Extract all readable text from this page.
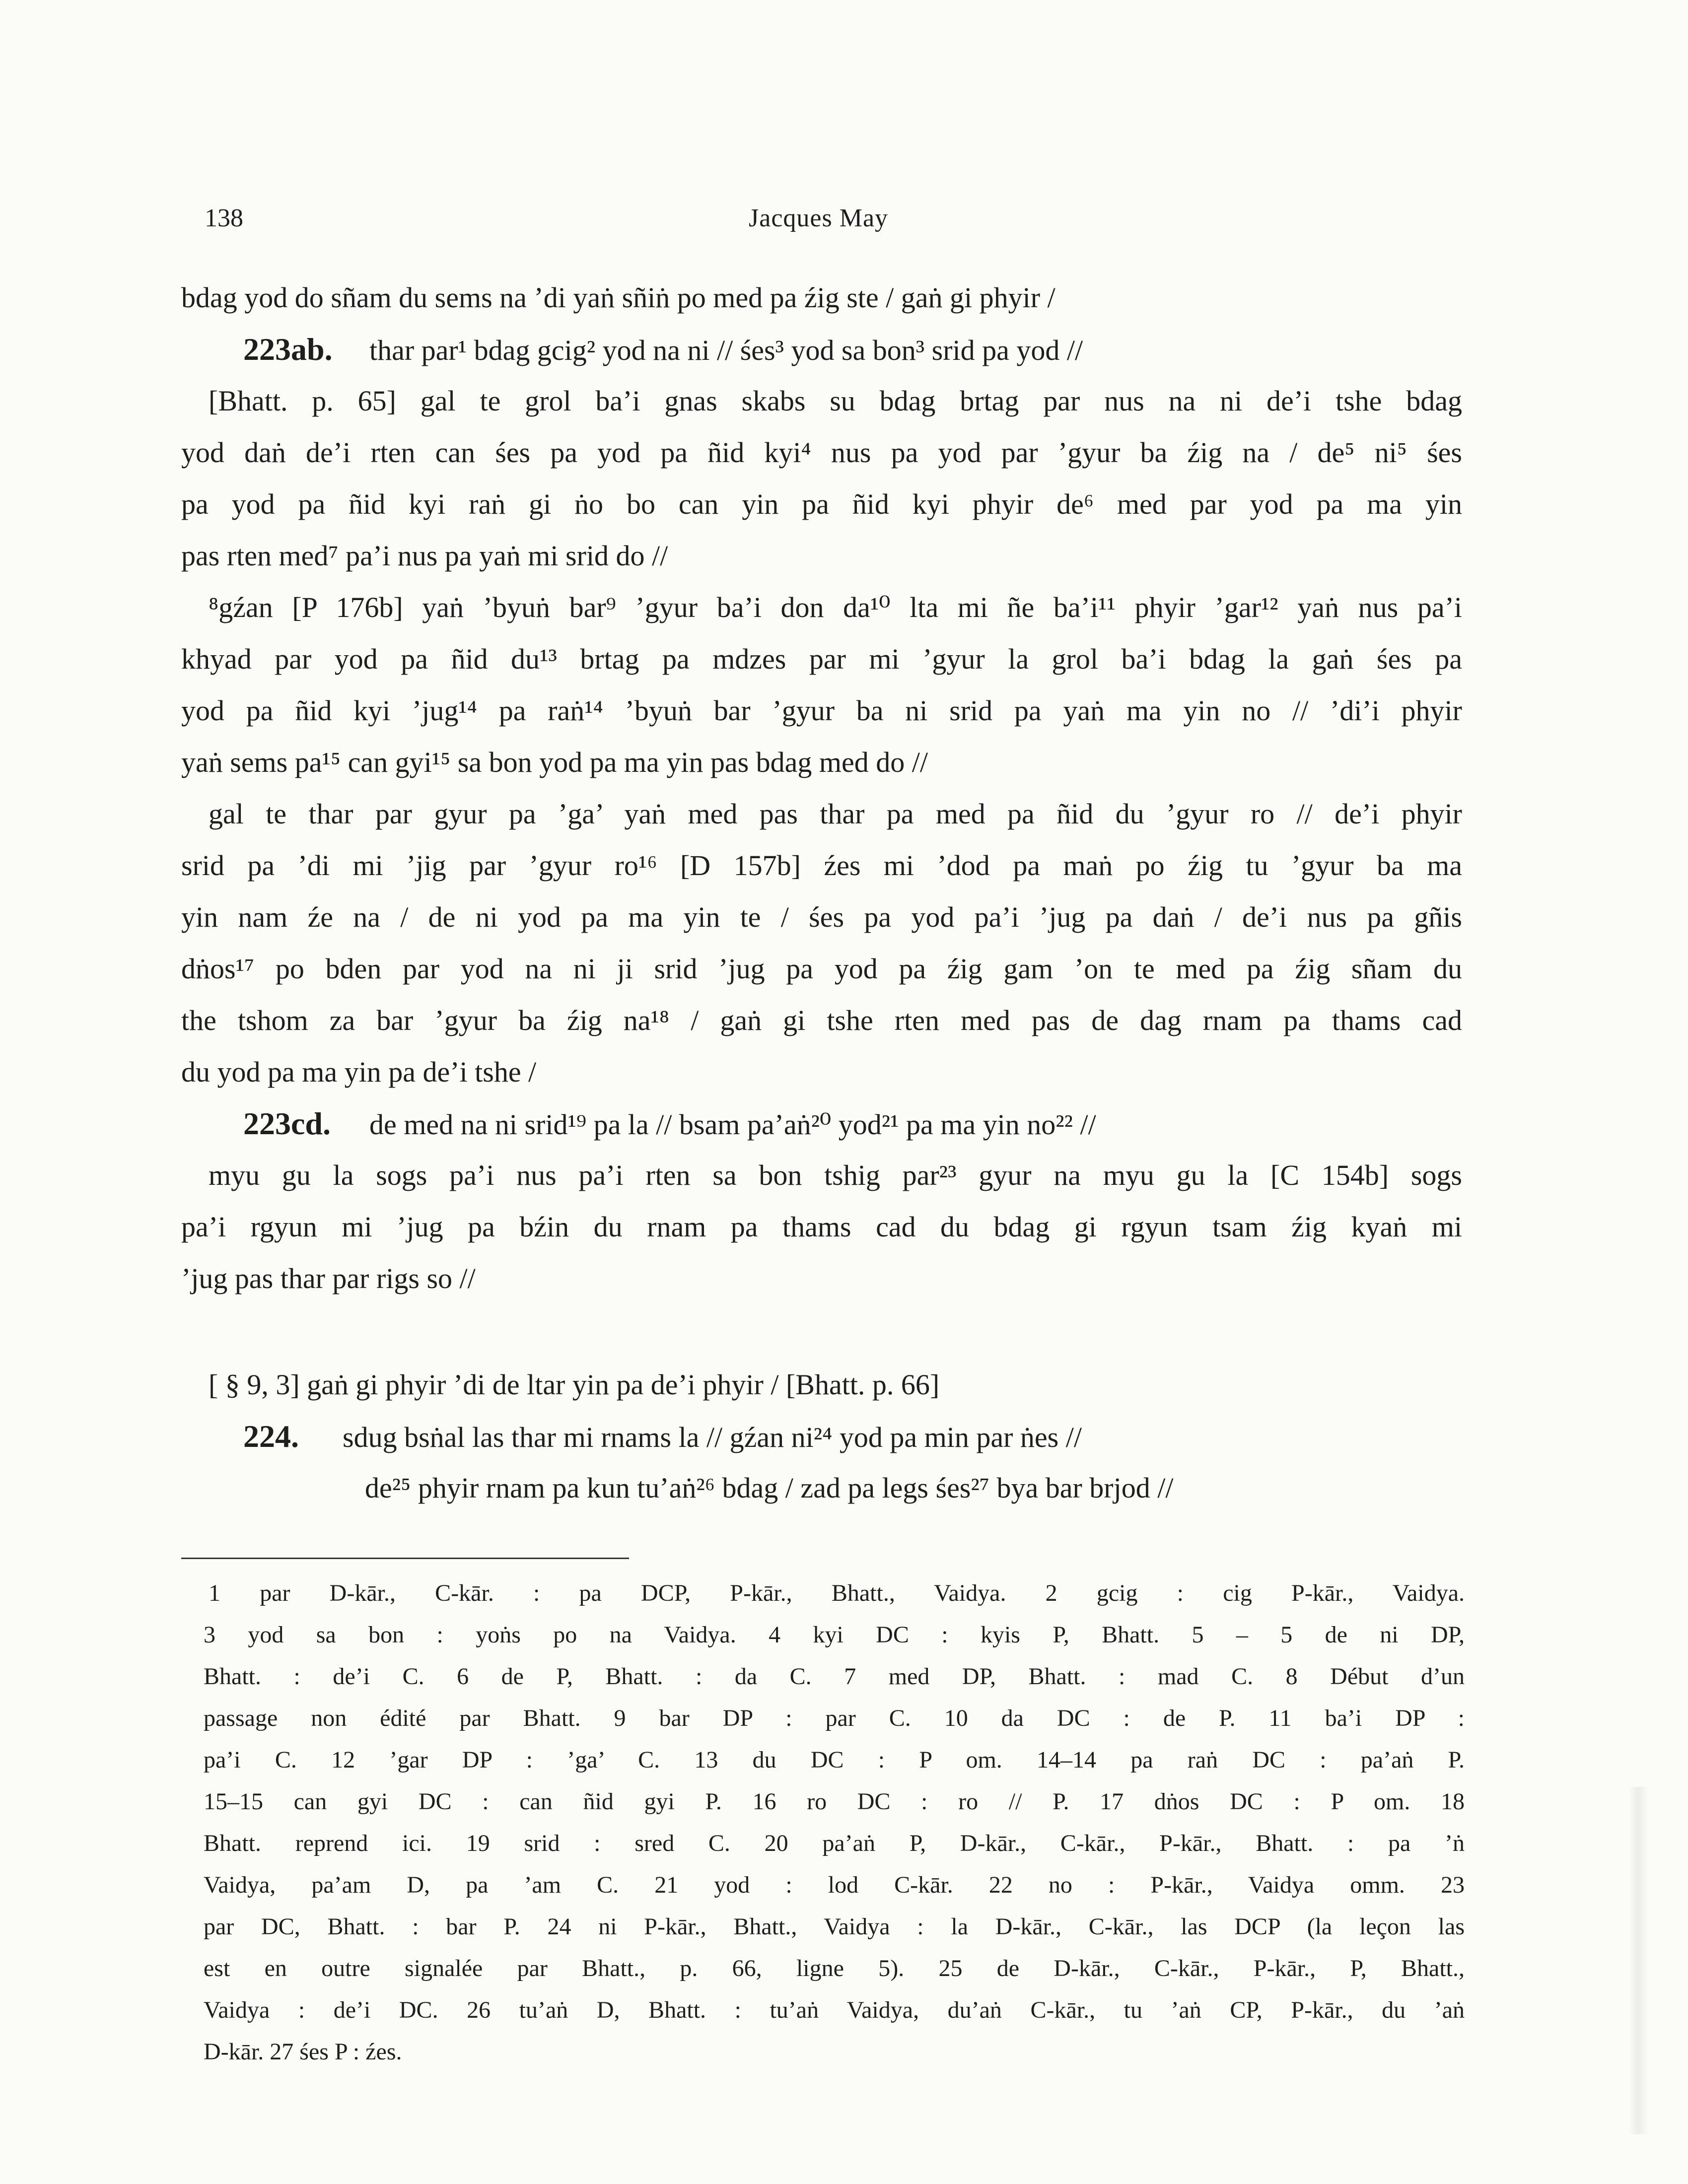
138	Jacques May
bdag yod do sñam du sems na ’di yaṅ sñiṅ po med pa źig ste / gaṅ gi phyir /
223ab. thar par¹ bdag gcig² yod na ni // śes³ yod sa bon³ srid pa yod //
[Bhatt. p. 65] gal te grol ba’i gnas skabs su bdag brtag par nus na ni de’i tshe bdag
yod daṅ de’i rten can śes pa yod pa ñid kyi⁴ nus pa yod par ’gyur ba źig na / de⁵ ni⁵ śes
pa yod pa ñid kyi raṅ gi ṅo bo can yin pa ñid kyi phyir de⁶ med par yod pa ma yin
pas rten med⁷ pa’i nus pa yaṅ mi srid do //
⁸gźan [P 176b] yaṅ ’byuṅ bar⁹ ’gyur ba’i don da¹⁰ lta mi ñe ba’i¹¹ phyir ’gar¹² yaṅ nus pa’i
khyad par yod pa ñid du¹³ brtag pa mdzes par mi ’gyur la grol ba’i bdag la gaṅ śes pa
yod pa ñid kyi ’jug¹⁴ pa raṅ¹⁴ ’byuṅ bar ’gyur ba ni srid pa yaṅ ma yin no // ’di’i phyir
yaṅ sems pa¹⁵ can gyi¹⁵ sa bon yod pa ma yin pas bdag med do //
gal te thar par gyur pa ’ga’ yaṅ med pas thar pa med pa ñid du ’gyur ro // de’i phyir
srid pa ’di mi ’jig par ’gyur ro¹⁶ [D 157b] źes mi ’dod pa maṅ po źig tu ’gyur ba ma
yin nam źe na / de ni yod pa ma yin te / śes pa yod pa’i ’jug pa daṅ / de’i nus pa gñis
dṅos¹⁷ po bden par yod na ni ji srid ’jug pa yod pa źig gam ’on te med pa źig sñam du
the tshom za bar ’gyur ba źig na¹⁸ / gaṅ gi tshe rten med pas de dag rnam pa thams cad
du yod pa ma yin pa de’i tshe /
223cd. de med na ni srid¹⁹ pa la // bsam pa’aṅ²⁰ yod²¹ pa ma yin no²² //
myu gu la sogs pa’i nus pa’i rten sa bon tshig par²³ gyur na myu gu la [C 154b] sogs
pa’i rgyun mi ’jug pa bźin du rnam pa thams cad du bdag gi rgyun tsam źig kyaṅ mi
’jug pas thar par rigs so //
[ § 9, 3] gaṅ gi phyir ’di de ltar yin pa de’i phyir / [Bhatt. p. 66]
224. sdug bsṅal las thar mi rnams la // gźan ni²⁴ yod pa min par ṅes //
de²⁵ phyir rnam pa kun tu’aṅ²⁶ bdag / zad pa legs śes²⁷ bya bar brjod //
1 par D-kār., C-kār. : pa DCP, P-kār., Bhatt., Vaidya. 2 gcig : cig P-kār., Vaidya.
3 yod sa bon : yoṅs po na Vaidya. 4 kyi DC : kyis P, Bhatt. 5 – 5 de ni DP,
Bhatt. : de’i C. 6 de P, Bhatt. : da C. 7 med DP, Bhatt. : mad C. 8 Début d’un
passage non édité par Bhatt. 9 bar DP : par C. 10 da DC : de P. 11 ba’i DP :
pa’i C. 12 ’gar DP : ’ga’ C. 13 du DC : P om. 14–14 pa raṅ DC : pa’aṅ P.
15–15 can gyi DC : can ñid gyi P. 16 ro DC : ro // P. 17 dṅos DC : P om. 18
Bhatt. reprend ici. 19 srid : sred C. 20 pa’aṅ P, D-kār., C-kār., P-kār., Bhatt. : pa ’ṅ
Vaidya, pa’am D, pa ’am C. 21 yod : lod C-kār. 22 no : P-kār., Vaidya omm. 23
par DC, Bhatt. : bar P. 24 ni P-kār., Bhatt., Vaidya : la D-kār., C-kār., las DCP (la leçon las
est en outre signalée par Bhatt., p. 66, ligne 5). 25 de D-kār., C-kār., P-kār., P, Bhatt.,
Vaidya : de’i DC. 26 tu’aṅ D, Bhatt. : tu’aṅ Vaidya, du’aṅ C-kār., tu ’aṅ CP, P-kār., du ’aṅ
D-kār. 27 śes P : źes.
